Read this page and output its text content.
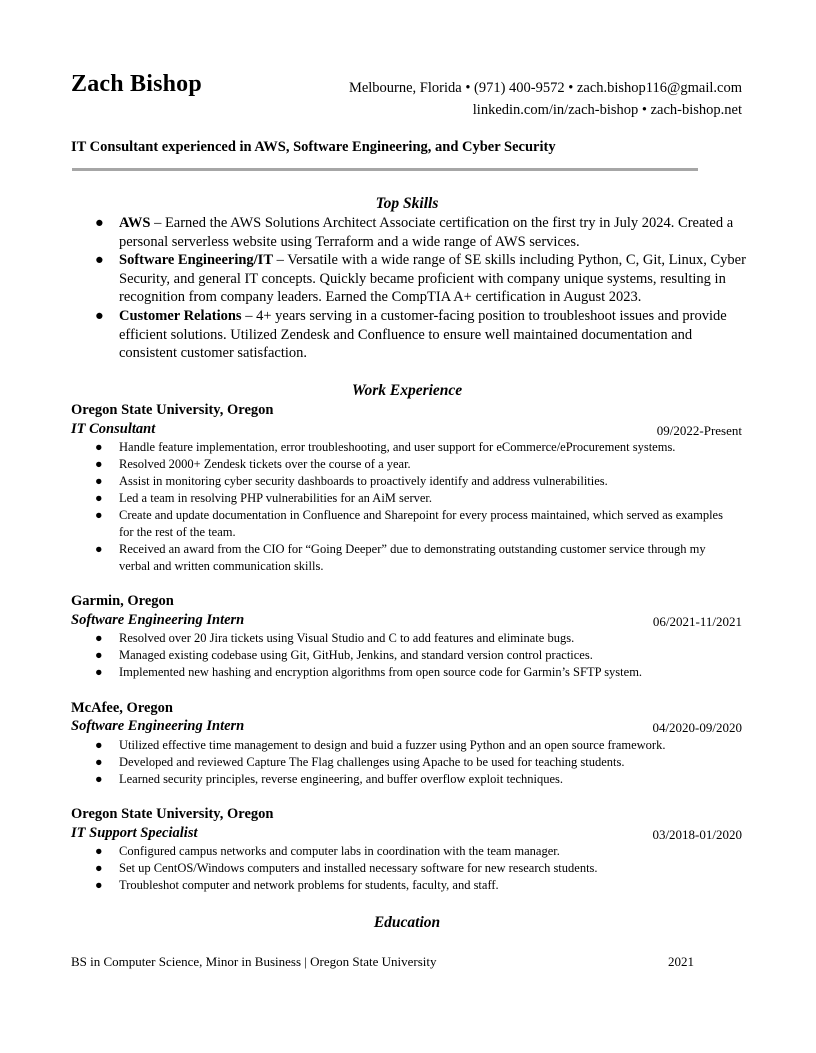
Zach Bishop	Melbourne, Florida • (971) 400-9572 • zach.bishop116@gmail.com
linkedin.com/in/zach-bishop • zach-bishop.net
IT Consultant experienced in AWS, Software Engineering, and Cyber Security
Top Skills
● AWS – Earned the AWS Solutions Architect Associate certification on the first try in July 2024. Created a personal serverless website using Terraform and a wide range of AWS services.
● Software Engineering/IT – Versatile with a wide range of SE skills including Python, C, Git, Linux, Cyber Security, and general IT concepts. Quickly became proficient with company unique systems, resulting in recognition from company leaders. Earned the CompTIA A+ certification in August 2023.
● Customer Relations – 4+ years serving in a customer-facing position to troubleshoot issues and provide efficient solutions. Utilized Zendesk and Confluence to ensure well maintained documentation and consistent customer satisfaction.
Work Experience
Oregon State University, Oregon
IT Consultant	09/2022-Present
● Handle feature implementation, error troubleshooting, and user support for eCommerce/eProcurement systems.
● Resolved 2000+ Zendesk tickets over the course of a year.
● Assist in monitoring cyber security dashboards to proactively identify and address vulnerabilities.
● Led a team in resolving PHP vulnerabilities for an AiM server.
● Create and update documentation in Confluence and Sharepoint for every process maintained, which served as examples for the rest of the team.
● Received an award from the CIO for “Going Deeper” due to demonstrating outstanding customer service through my verbal and written communication skills.
Garmin, Oregon
Software Engineering Intern	06/2021-11/2021
● Resolved over 20 Jira tickets using Visual Studio and C to add features and eliminate bugs.
● Managed existing codebase using Git, GitHub, Jenkins, and standard version control practices.
● Implemented new hashing and encryption algorithms from open source code for Garmin’s SFTP system.
McAfee, Oregon
Software Engineering Intern	04/2020-09/2020
● Utilized effective time management to design and buid a fuzzer using Python and an open source framework.
● Developed and reviewed Capture The Flag challenges using Apache to be used for teaching students.
● Learned security principles, reverse engineering, and buffer overflow exploit techniques.
Oregon State University, Oregon
IT Support Specialist	03/2018-01/2020
● Configured campus networks and computer labs in coordination with the team manager.
● Set up CentOS/Windows computers and installed necessary software for new research students.
● Troubleshot computer and network problems for students, faculty, and staff.
Education
BS in Computer Science, Minor in Business | Oregon State University	2021
